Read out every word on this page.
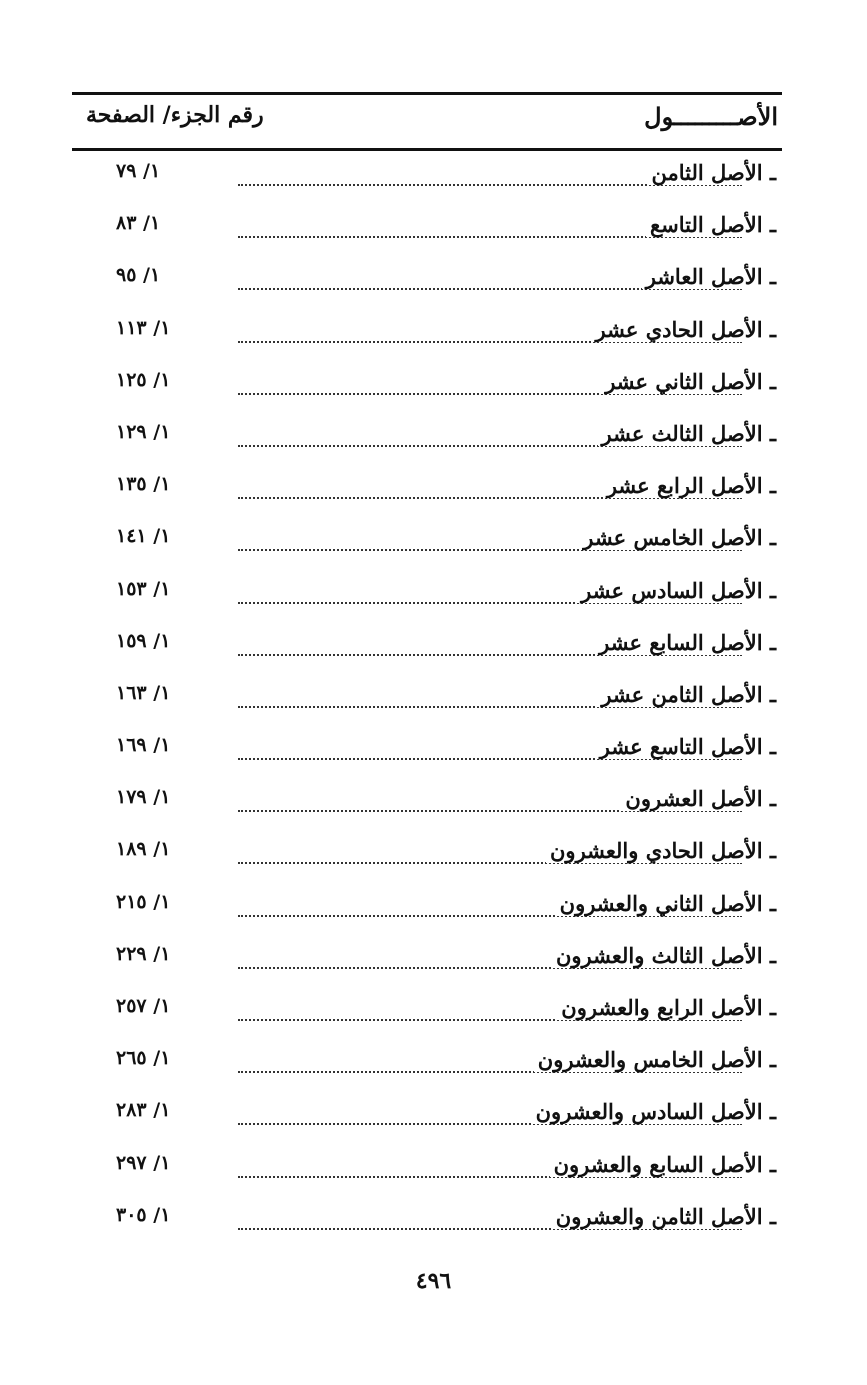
الأصـــــــــول
رقم الجزء/ الصفحة
ـ الأصل الثامن
١/ ٧٩
ـ الأصل التاسع
١/ ٨٣
ـ الأصل العاشر
١/ ٩٥
ـ الأصل الحادي عشر
١/ ١١٣
ـ الأصل الثاني عشر
١/ ١٢٥
ـ الأصل الثالث عشر
١/ ١٢٩
ـ الأصل الرابع عشر
١/ ١٣٥
ـ الأصل الخامس عشر
١/ ١٤١
ـ الأصل السادس عشر
١/ ١٥٣
ـ الأصل السابع عشر
١/ ١٥٩
ـ الأصل الثامن عشر
١/ ١٦٣
ـ الأصل التاسع عشر
١/ ١٦٩
ـ الأصل العشرون
١/ ١٧٩
ـ الأصل الحادي والعشرون
١/ ١٨٩
ـ الأصل الثاني والعشرون
١/ ٢١٥
ـ الأصل الثالث والعشرون
١/ ٢٢٩
ـ الأصل الرابع والعشرون
١/ ٢٥٧
ـ الأصل الخامس والعشرون
١/ ٢٦٥
ـ الأصل السادس والعشرون
١/ ٢٨٣
ـ الأصل السابع والعشرون
١/ ٢٩٧
ـ الأصل الثامن والعشرون
١/ ٣٠٥
٤٩٦
